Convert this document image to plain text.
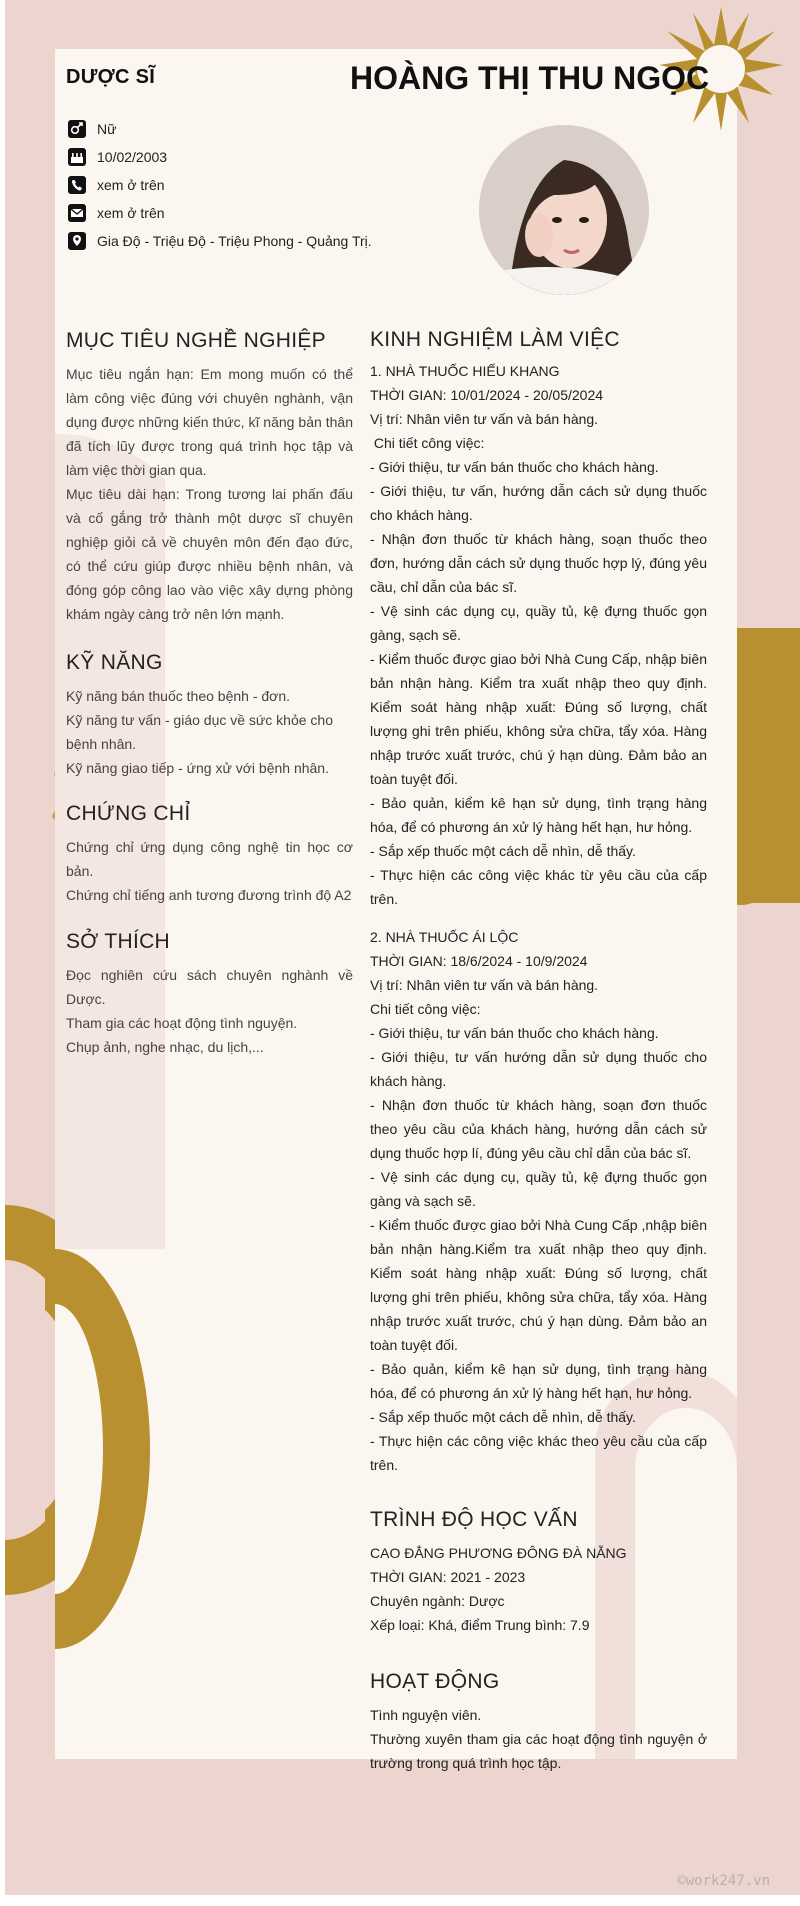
DƯỢC SĨ	HOÀNG THỊ THU NGỌC
Nữ
10/02/2003
xem ở trên
xem ở trên
Gia Độ - Triệu Độ - Triệu Phong - Quảng Trị.
MỤC TIÊU NGHỀ NGHIỆP

Mục tiêu ngắn hạn: Em mong muốn có thể làm công việc đúng với chuyên nghành, vận dụng được những kiến thức, kĩ năng bản thân đã tích lũy được trong quá trình học tập và làm việc thời gian qua.

Mục tiêu dài hạn: Trong tương lai phấn đấu và cố gắng trở thành một dược sĩ chuyên nghiệp giỏi cả về chuyên môn đến đạo đức, có thể cứu giúp được nhiều bệnh nhân, và đóng góp công lao vào việc xây dựng phòng khám ngày càng trở nên lớn mạnh.

KỸ NĂNG

Kỹ năng bán thuốc theo bệnh - đơn.

Kỹ năng tư vấn - giáo dục về sức khỏe cho bệnh nhân.

Kỹ năng giao tiếp - ứng xử với bệnh nhân.

CHỨNG CHỈ

Chứng chỉ ứng dụng công nghệ tin học cơ bản.

Chứng chỉ tiếng anh tương đương trình độ A2

SỞ THÍCH

Đọc nghiên cứu sách chuyên nghành về Dược.

Tham gia các hoạt động tình nguyện.

Chụp ảnh, nghe nhạc, du lịch,...

KINH NGHIỆM LÀM VIỆC

1. NHÀ THUỐC HIẾU KHANG

THỜI GIAN: 10/01/2024 - 20/05/2024

Vị trí: Nhân viên tư vấn và bán hàng.

Chi tiết công việc:

- Giới thiệu, tư vấn bán thuốc cho khách hàng.

- Giới thiệu, tư vấn, hướng dẫn cách sử dụng thuốc cho khách hàng.

- Nhận đơn thuốc từ khách hàng, soạn thuốc theo đơn, hướng dẫn cách sử dụng thuốc hợp lý, đúng yêu cầu, chỉ dẫn của bác sĩ.

- Vệ sinh các dụng cụ, quầy tủ, kệ đựng thuốc gọn gàng, sạch sẽ.

- Kiểm thuốc được giao bởi Nhà Cung Cấp, nhập biên bản nhận hàng. Kiểm tra xuất nhập theo quy định. Kiểm soát hàng nhập xuất: Đúng số lượng, chất lượng ghi trên phiếu, không sửa chữa, tẩy xóa. Hàng nhập trước xuất trước, chú ý hạn dùng. Đảm bảo an toàn tuyệt đối.

- Bảo quản, kiểm kê hạn sử dụng, tình trạng hàng hóa, để có phương án xử lý hàng hết hạn, hư hỏng.

- Sắp xếp thuốc một cách dễ nhìn, dễ thấy.

- Thực hiện các công việc khác từ yêu cầu của cấp trên.

2. NHÀ THUỐC ÁI LỘC

THỜI GIAN: 18/6/2024 - 10/9/2024

Vị trí: Nhân viên tư vấn và bán hàng.

Chi tiết công việc:

- Giới thiệu, tư vấn bán thuốc cho khách hàng.

- Giới thiệu, tư vấn hướng dẫn sử dụng thuốc cho khách hàng.

- Nhận đơn thuốc từ khách hàng, soạn đơn thuốc theo yêu cầu của khách hàng, hướng dẫn cách sử dụng thuốc hợp lí, đúng yêu cầu chỉ dẫn của bác sĩ.

- Vệ sinh các dụng cụ, quầy tủ, kệ đựng thuốc gọn gàng và sạch sẽ.

- Kiểm thuốc được giao bởi Nhà Cung Cấp ,nhập biên bản nhận hàng.Kiểm tra xuất nhập theo quy định. Kiểm soát hàng nhập xuất: Đúng số lượng, chất lượng ghi trên phiếu, không sửa chữa, tẩy xóa. Hàng nhập trước xuất trước, chú ý hạn dùng. Đảm bảo an toàn tuyệt đối.

- Bảo quản, kiểm kê hạn sử dụng, tình trạng hàng hóa, để có phương án xử lý hàng hết hạn, hư hỏng.

- Sắp xếp thuốc một cách dễ nhìn, dễ thấy.

- Thực hiện các công việc khác theo yêu cầu của cấp trên.

TRÌNH ĐỘ HỌC VẤN

CAO ĐẲNG PHƯƠNG ĐÔNG ĐÀ NẴNG

THỜI GIAN: 2021 - 2023

Chuyên ngành: Dược

Xếp loại: Khá, điểm Trung bình: 7.9

HOẠT ĐỘNG

Tình nguyện viên.

Thường xuyên tham gia các hoạt động tình nguyện ở trường trong quá trình học tập.

©work247.vn
